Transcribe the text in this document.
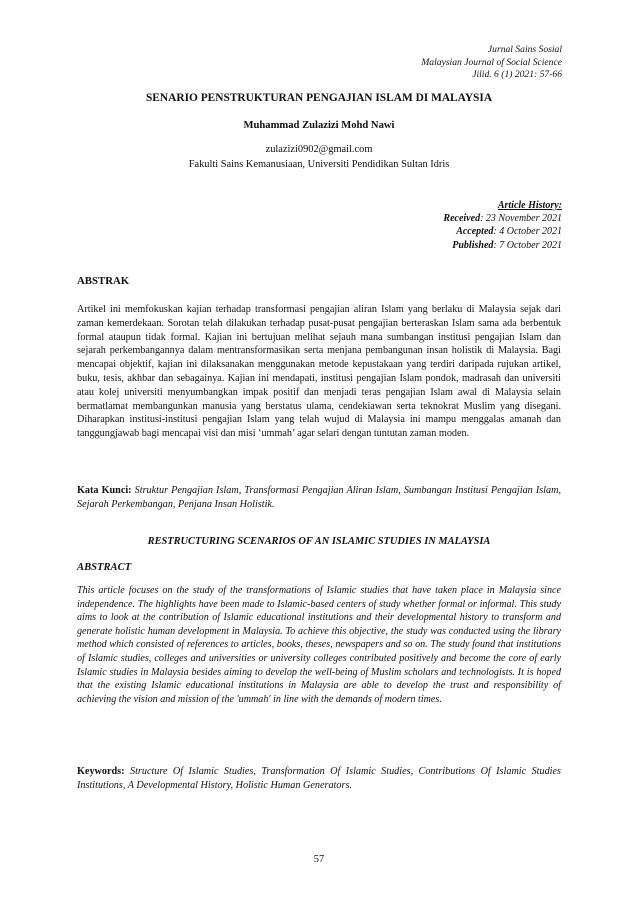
Jurnal Sains Sosial
Malaysian Journal of Social Science
Jilid. 6 (1) 2021: 57-66
SENARIO PENSTRUKTURAN PENGAJIAN ISLAM DI MALAYSIA
Muhammad Zulazizi Mohd Nawi
zulazizi0902@gmail.com
Fakulti Sains Kemanusiaan, Universiti Pendidikan Sultan Idris
Article History:
Received: 23 November 2021
Accepted: 4 October 2021
Published: 7 October 2021
ABSTRAK
Artikel ini memfokuskan kajian terhadap transformasi pengajian aliran Islam yang berlaku di Malaysia sejak dari zaman kemerdekaan. Sorotan telah dilakukan terhadap pusat-pusat pengajian berteraskan Islam sama ada berbentuk formal ataupun tidak formal. Kajian ini bertujuan melihat sejauh mana sumbangan institusi pengajian Islam dan sejarah perkembangannya dalam mentransformasikan serta menjana pembangunan insan holistik di Malaysia. Bagi mencapai objektif, kajian ini dilaksanakan menggunakan metode kepustakaan yang terdiri daripada rujukan artikel, buku, tesis, akhbar dan sebagainya. Kajian ini mendapati, institusi pengajian Islam pondok, madrasah dan universiti atau kolej universiti menyumbangkan impak positif dan menjadi teras pengajian Islam awal di Malaysia selain bermatlamat membangunkan manusia yang berstatus ulama, cendekiawan serta teknokrat Muslim yang disegani. Diharapkan institusi-institusi pengajian Islam yang telah wujud di Malaysia ini mampu menggalas amanah dan tanggungjawab bagi mencapai visi dan misi ‘ummah’ agar selari dengan tuntutan zaman moden.
Kata Kunci: Struktur Pengajian Islam, Transformasi Pengajian Aliran Islam, Sumbangan Institusi Pengajian Islam, Sejarah Perkembangan, Penjana Insan Holistik.
RESTRUCTURING SCENARIOS OF AN ISLAMIC STUDIES IN MALAYSIA
ABSTRACT
This article focuses on the study of the transformations of Islamic studies that have taken place in Malaysia since independence. The highlights have been made to Islamic-based centers of study whether formal or informal. This study aims to look at the contribution of Islamic educational institutions and their developmental history to transform and generate holistic human development in Malaysia. To achieve this objective, the study was conducted using the library method which consisted of references to articles, books, theses, newspapers and so on. The study found that institutions of Islamic studies, colleges and universities or university colleges contributed positively and become the core of early Islamic studies in Malaysia besides aiming to develop the well-being of Muslim scholars and technologists. It is hoped that the existing Islamic educational institutions in Malaysia are able to develop the trust and responsibility of achieving the vision and mission of the 'ummah' in line with the demands of modern times.
Keywords: Structure Of Islamic Studies, Transformation Of Islamic Studies, Contributions Of Islamic Studies Institutions, A Developmental History, Holistic Human Generators.
57
